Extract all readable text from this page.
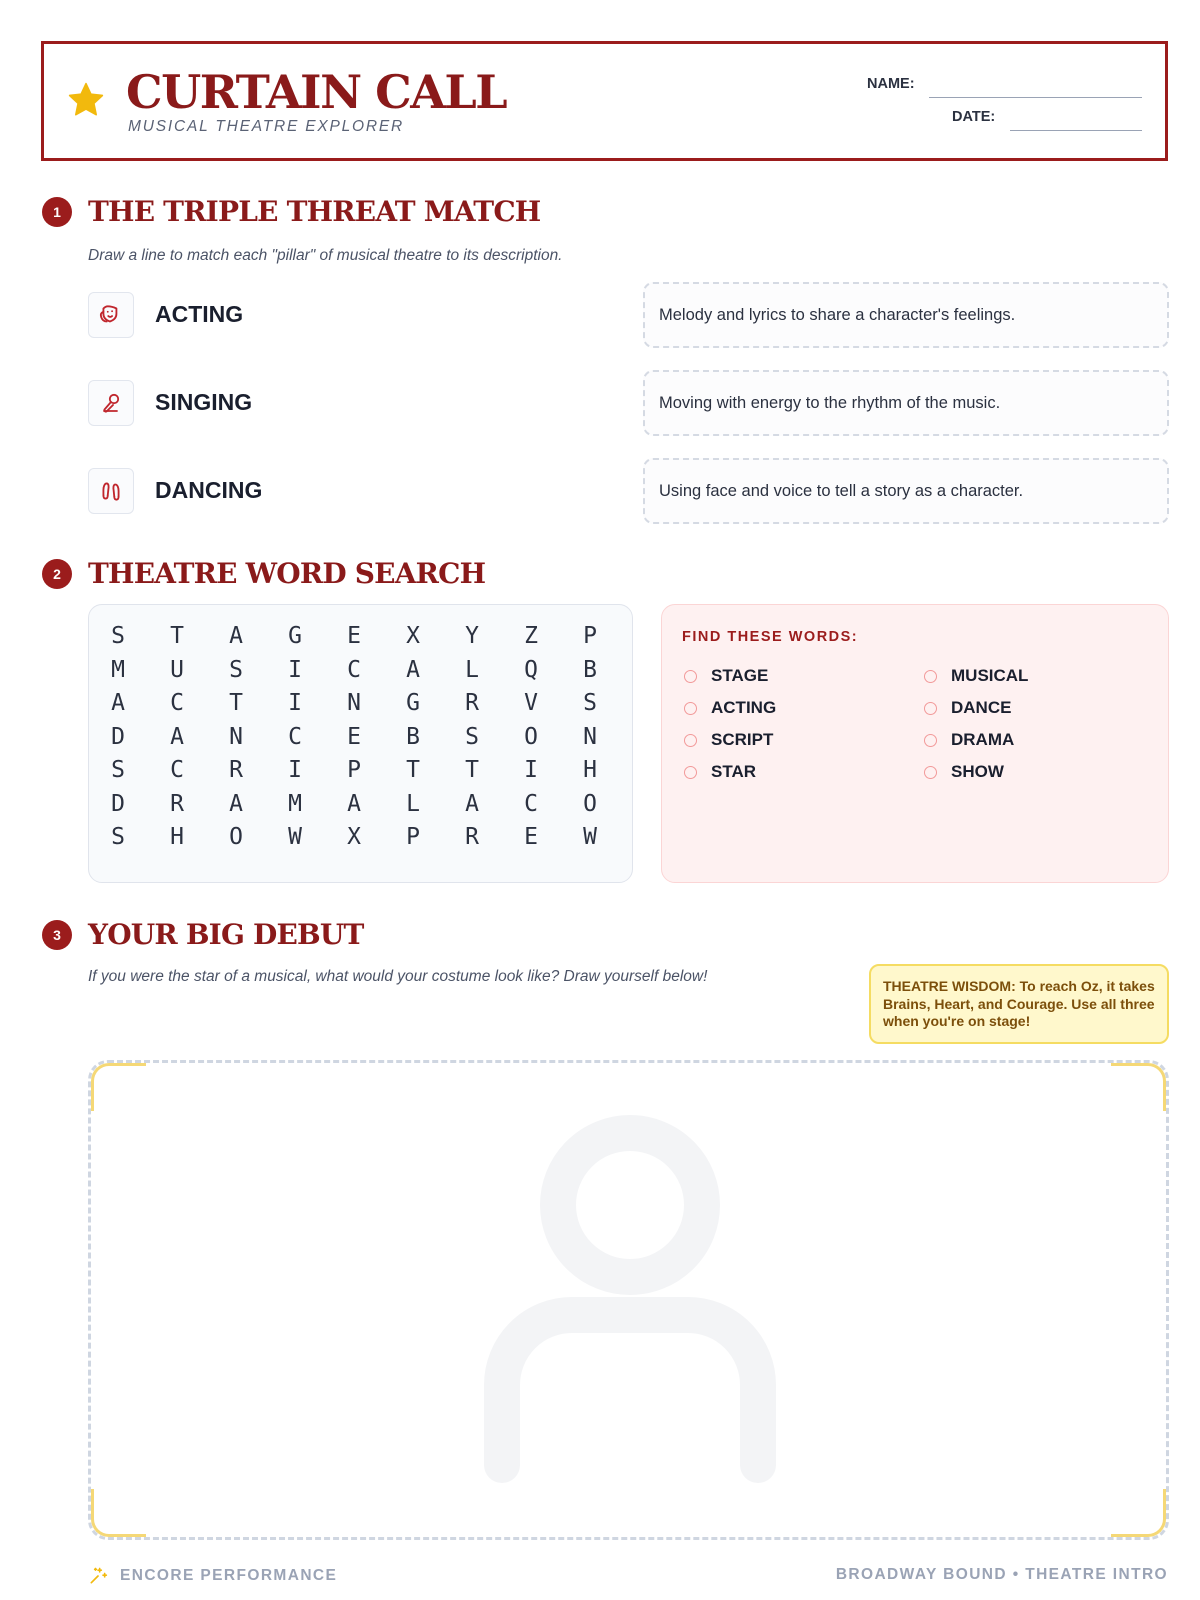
CURTAIN CALL
MUSICAL THEATRE EXPLORER
NAME:
DATE:
1 THE TRIPLE THREAT MATCH
Draw a line to match each "pillar" of musical theatre to its description.
ACTING
SINGING
DANCING
Melody and lyrics to share a character's feelings.
Moving with energy to the rhythm of the music.
Using face and voice to tell a story as a character.
2 THEATRE WORD SEARCH
S	T	A	G	E	X	Y	Z	P
M	U	S	I	C	A	L	Q	B
A	C	T	I	N	G	R	V	S
D	A	N	C	E	B	S	O	N
S	C	R	I	P	T	T	I	H
D	R	A	M	A	L	A	C	O
S	H	O	W	X	P	R	E	W
FIND THESE WORDS:
STAGE
ACTING
SCRIPT
STAR
MUSICAL
DANCE
DRAMA
SHOW
3 YOUR BIG DEBUT
If you were the star of a musical, what would your costume look like? Draw yourself below!
THEATRE WISDOM: To reach Oz, it takes Brains, Heart, and Courage. Use all three when you're on stage!
ENCORE PERFORMANCE	BROADWAY BOUND • THEATRE INTRO
